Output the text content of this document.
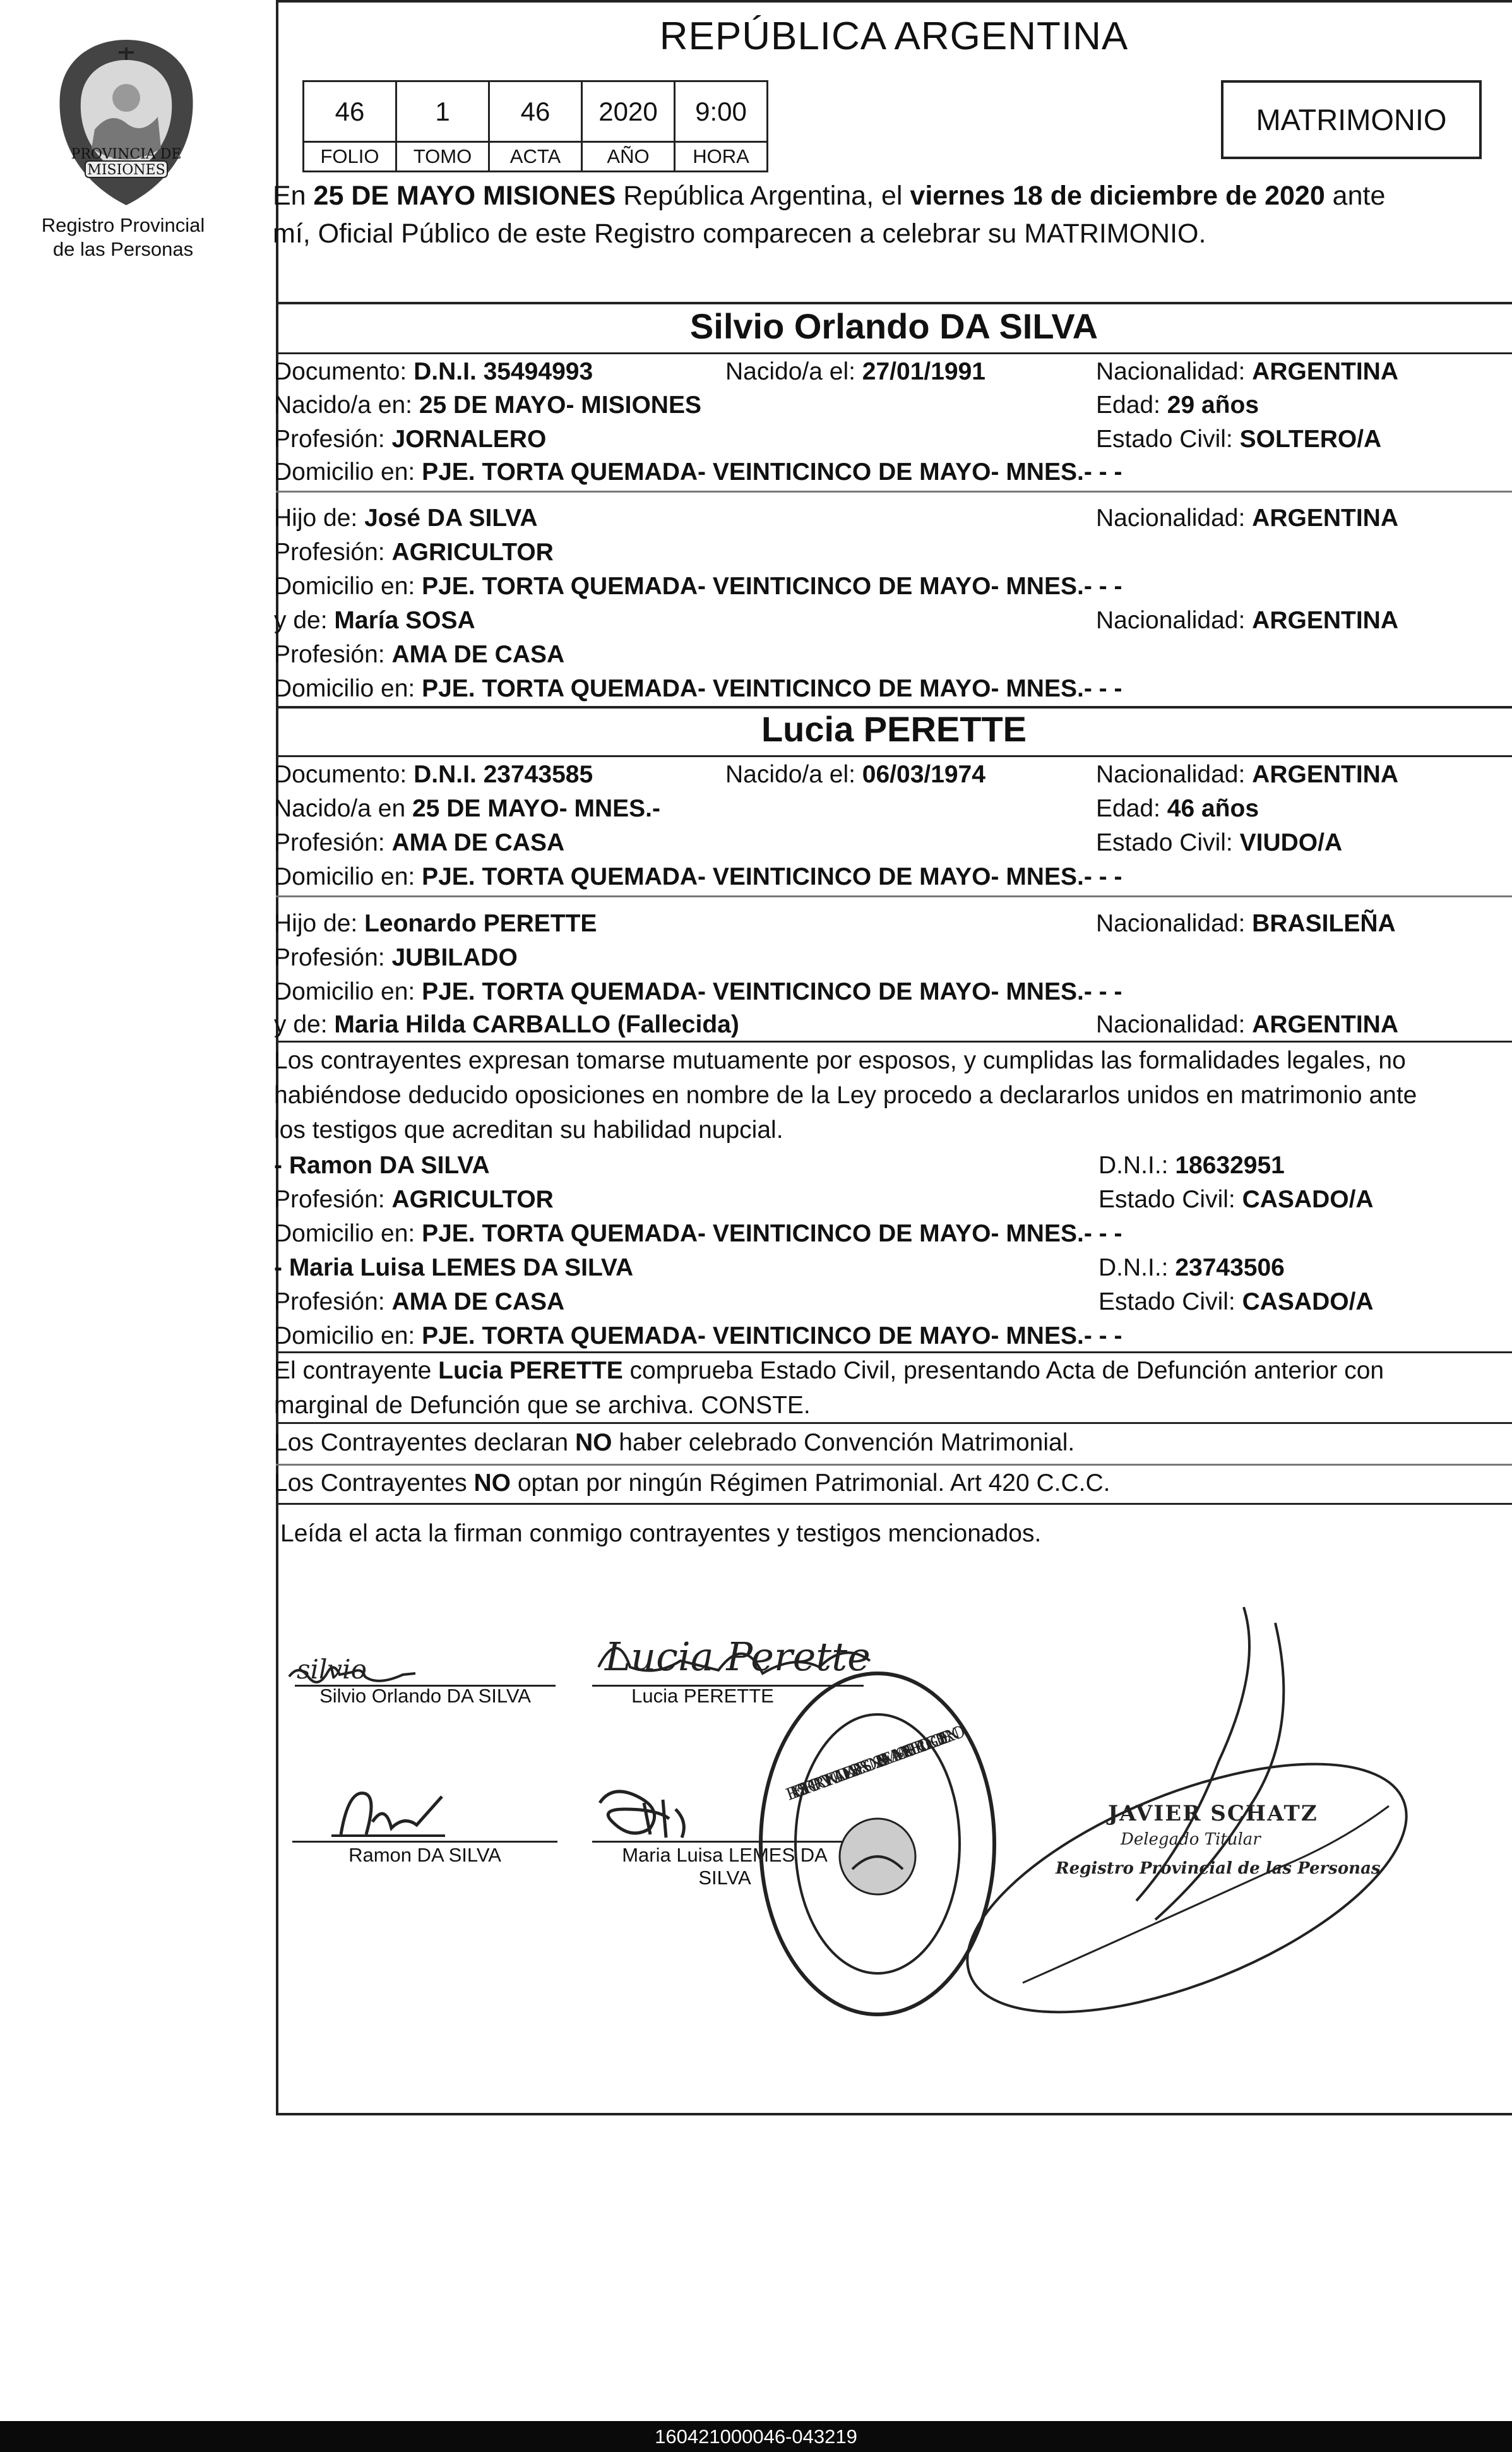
PROVINCIA DE MISIONES
Registro Provincial
de las Personas
REPÚBLICA ARGENTINA
46	1	46	2020	9:00
FOLIO	TOMO	ACTA	AÑO	HORA
MATRIMONIO
En 25 DE MAYO MISIONES República Argentina, el viernes 18 de diciembre de 2020 ante
mí, Oficial Público de este Registro comparecen a celebrar su MATRIMONIO.
Silvio Orlando DA SILVA
Documento: D.N.I. 35494993	Nacido/a el: 27/01/1991	Nacionalidad: ARGENTINA
Nacido/a en: 25 DE MAYO- MISIONES	Edad: 29 años
Profesión: JORNALERO	Estado Civil: SOLTERO/A
Domicilio en: PJE. TORTA QUEMADA- VEINTICINCO DE MAYO- MNES.- - -
Hijo de: José DA SILVA	Nacionalidad: ARGENTINA
Profesión: AGRICULTOR
Domicilio en: PJE. TORTA QUEMADA- VEINTICINCO DE MAYO- MNES.- - -
y de: María SOSA	Nacionalidad: ARGENTINA
Profesión: AMA DE CASA
Domicilio en: PJE. TORTA QUEMADA- VEINTICINCO DE MAYO- MNES.- - -
Lucia PERETTE
Documento: D.N.I. 23743585	Nacido/a el: 06/03/1974	Nacionalidad: ARGENTINA
Nacido/a en 25 DE MAYO- MNES.-	Edad: 46 años
Profesión: AMA DE CASA	Estado Civil: VIUDO/A
Domicilio en: PJE. TORTA QUEMADA- VEINTICINCO DE MAYO- MNES.- - -
Hijo de: Leonardo PERETTE	Nacionalidad: BRASILEÑA
Profesión: JUBILADO
Domicilio en: PJE. TORTA QUEMADA- VEINTICINCO DE MAYO- MNES.- - -
y de: Maria Hilda CARBALLO (Fallecida)	Nacionalidad: ARGENTINA
Los contrayentes expresan tomarse mutuamente por esposos, y cumplidas las formalidades legales, no
habiéndose deducido oposiciones en nombre de la Ley procedo a declararlos unidos en matrimonio ante
los testigos que acreditan su habilidad nupcial.
- Ramon DA SILVA	D.N.I.: 18632951
Profesión: AGRICULTOR	Estado Civil: CASADO/A
Domicilio en: PJE. TORTA QUEMADA- VEINTICINCO DE MAYO- MNES.- - -
- Maria Luisa LEMES DA SILVA	D.N.I.: 23743506
Profesión: AMA DE CASA	Estado Civil: CASADO/A
Domicilio en: PJE. TORTA QUEMADA- VEINTICINCO DE MAYO- MNES.- - -
El contrayente Lucia PERETTE comprueba Estado Civil, presentando Acta de Defunción anterior con
marginal de Defunción que se archiva. CONSTE.
Los Contrayentes declaran NO haber celebrado Convención Matrimonial.
Los Contrayentes NO optan por ningún Régimen Patrimonial. Art 420 C.C.C.
Leída el acta la firman conmigo contrayentes y testigos mencionados.
silvio
Silvio Orlando DA SILVA
Lucia Perette
Lucia PERETTE
Ramon DA SILVA	Maria Luisa LEMES DA
SILVA
REGISTRO PROVINCIAL DE LAS PERSONAS · 25 DE MAYO · MINISTERIO DE GOBIERNO
JAVIER SCHATZ
Delegado Titular
Registro Provincial de las Personas
160421000046-043219
